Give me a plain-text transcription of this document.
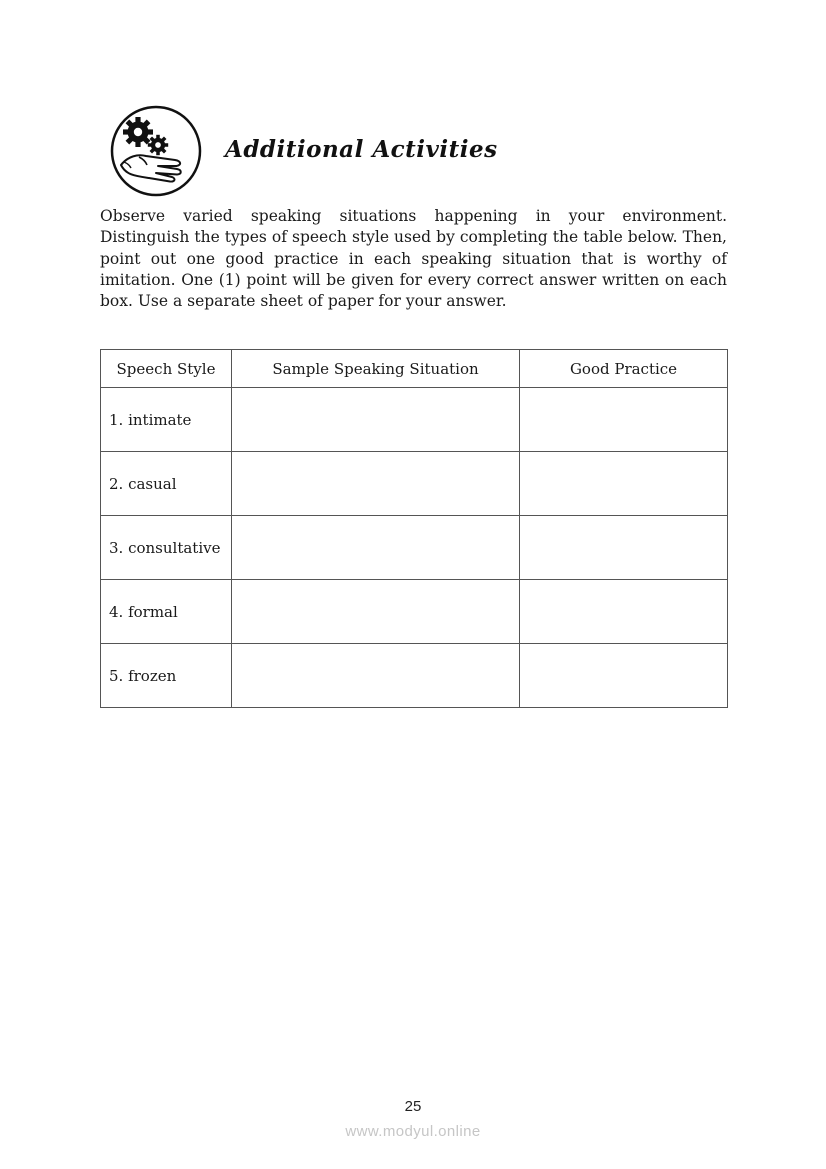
Additional Activities
Observe varied speaking situations happening in your environment. Distinguish the types of speech style used by completing the table below. Then, point out one good practice in each speaking situation that is worthy of imitation. One (1) point will be given for every correct answer written on each box. Use a separate sheet of paper for your answer.
Speech Style	Sample Speaking Situation	Good Practice
1. intimate		
2. casual		
3. consultative		
4. formal		
5. frozen		
25
www.modyul.online
